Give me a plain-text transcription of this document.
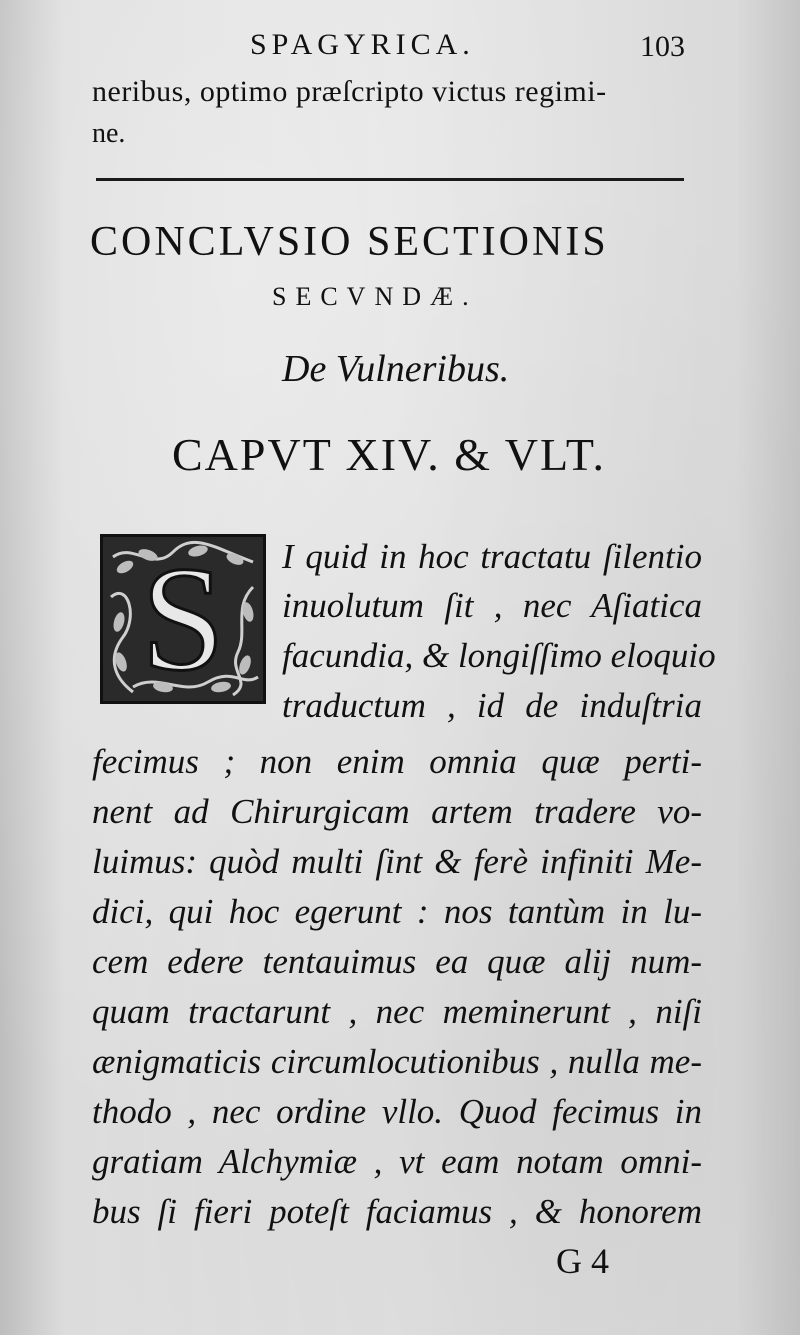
SPAGYRICA.	103
neribus, optimo præſcripto victus regimi-
ne.
CONCLVSIO SECTIONIS
SECVNDÆ.
De Vulneribus.
CAPVT XIV. & VLT.
S	I quid in hoc tractatu ſilentio
inuolutum ſit , nec Aſiatica
facundia, & longiſſimo eloquio
traductum , id de induſtria
fecimus ; non enim omnia quæ perti-
nent ad Chirurgicam artem tradere vo-
luimus: quòd multi ſint & ferè infiniti Me-
dici, qui hoc egerunt : nos tantùm in lu-
cem edere tentauimus ea quæ alij num-
quam tractarunt , nec meminerunt , niſi
ænigmaticis circumlocutionibus , nulla me-
thodo , nec ordine vllo. Quod fecimus in
gratiam Alchymiæ , vt eam notam omni-
bus ſi fieri poteſt faciamus , & honorem
G 4
